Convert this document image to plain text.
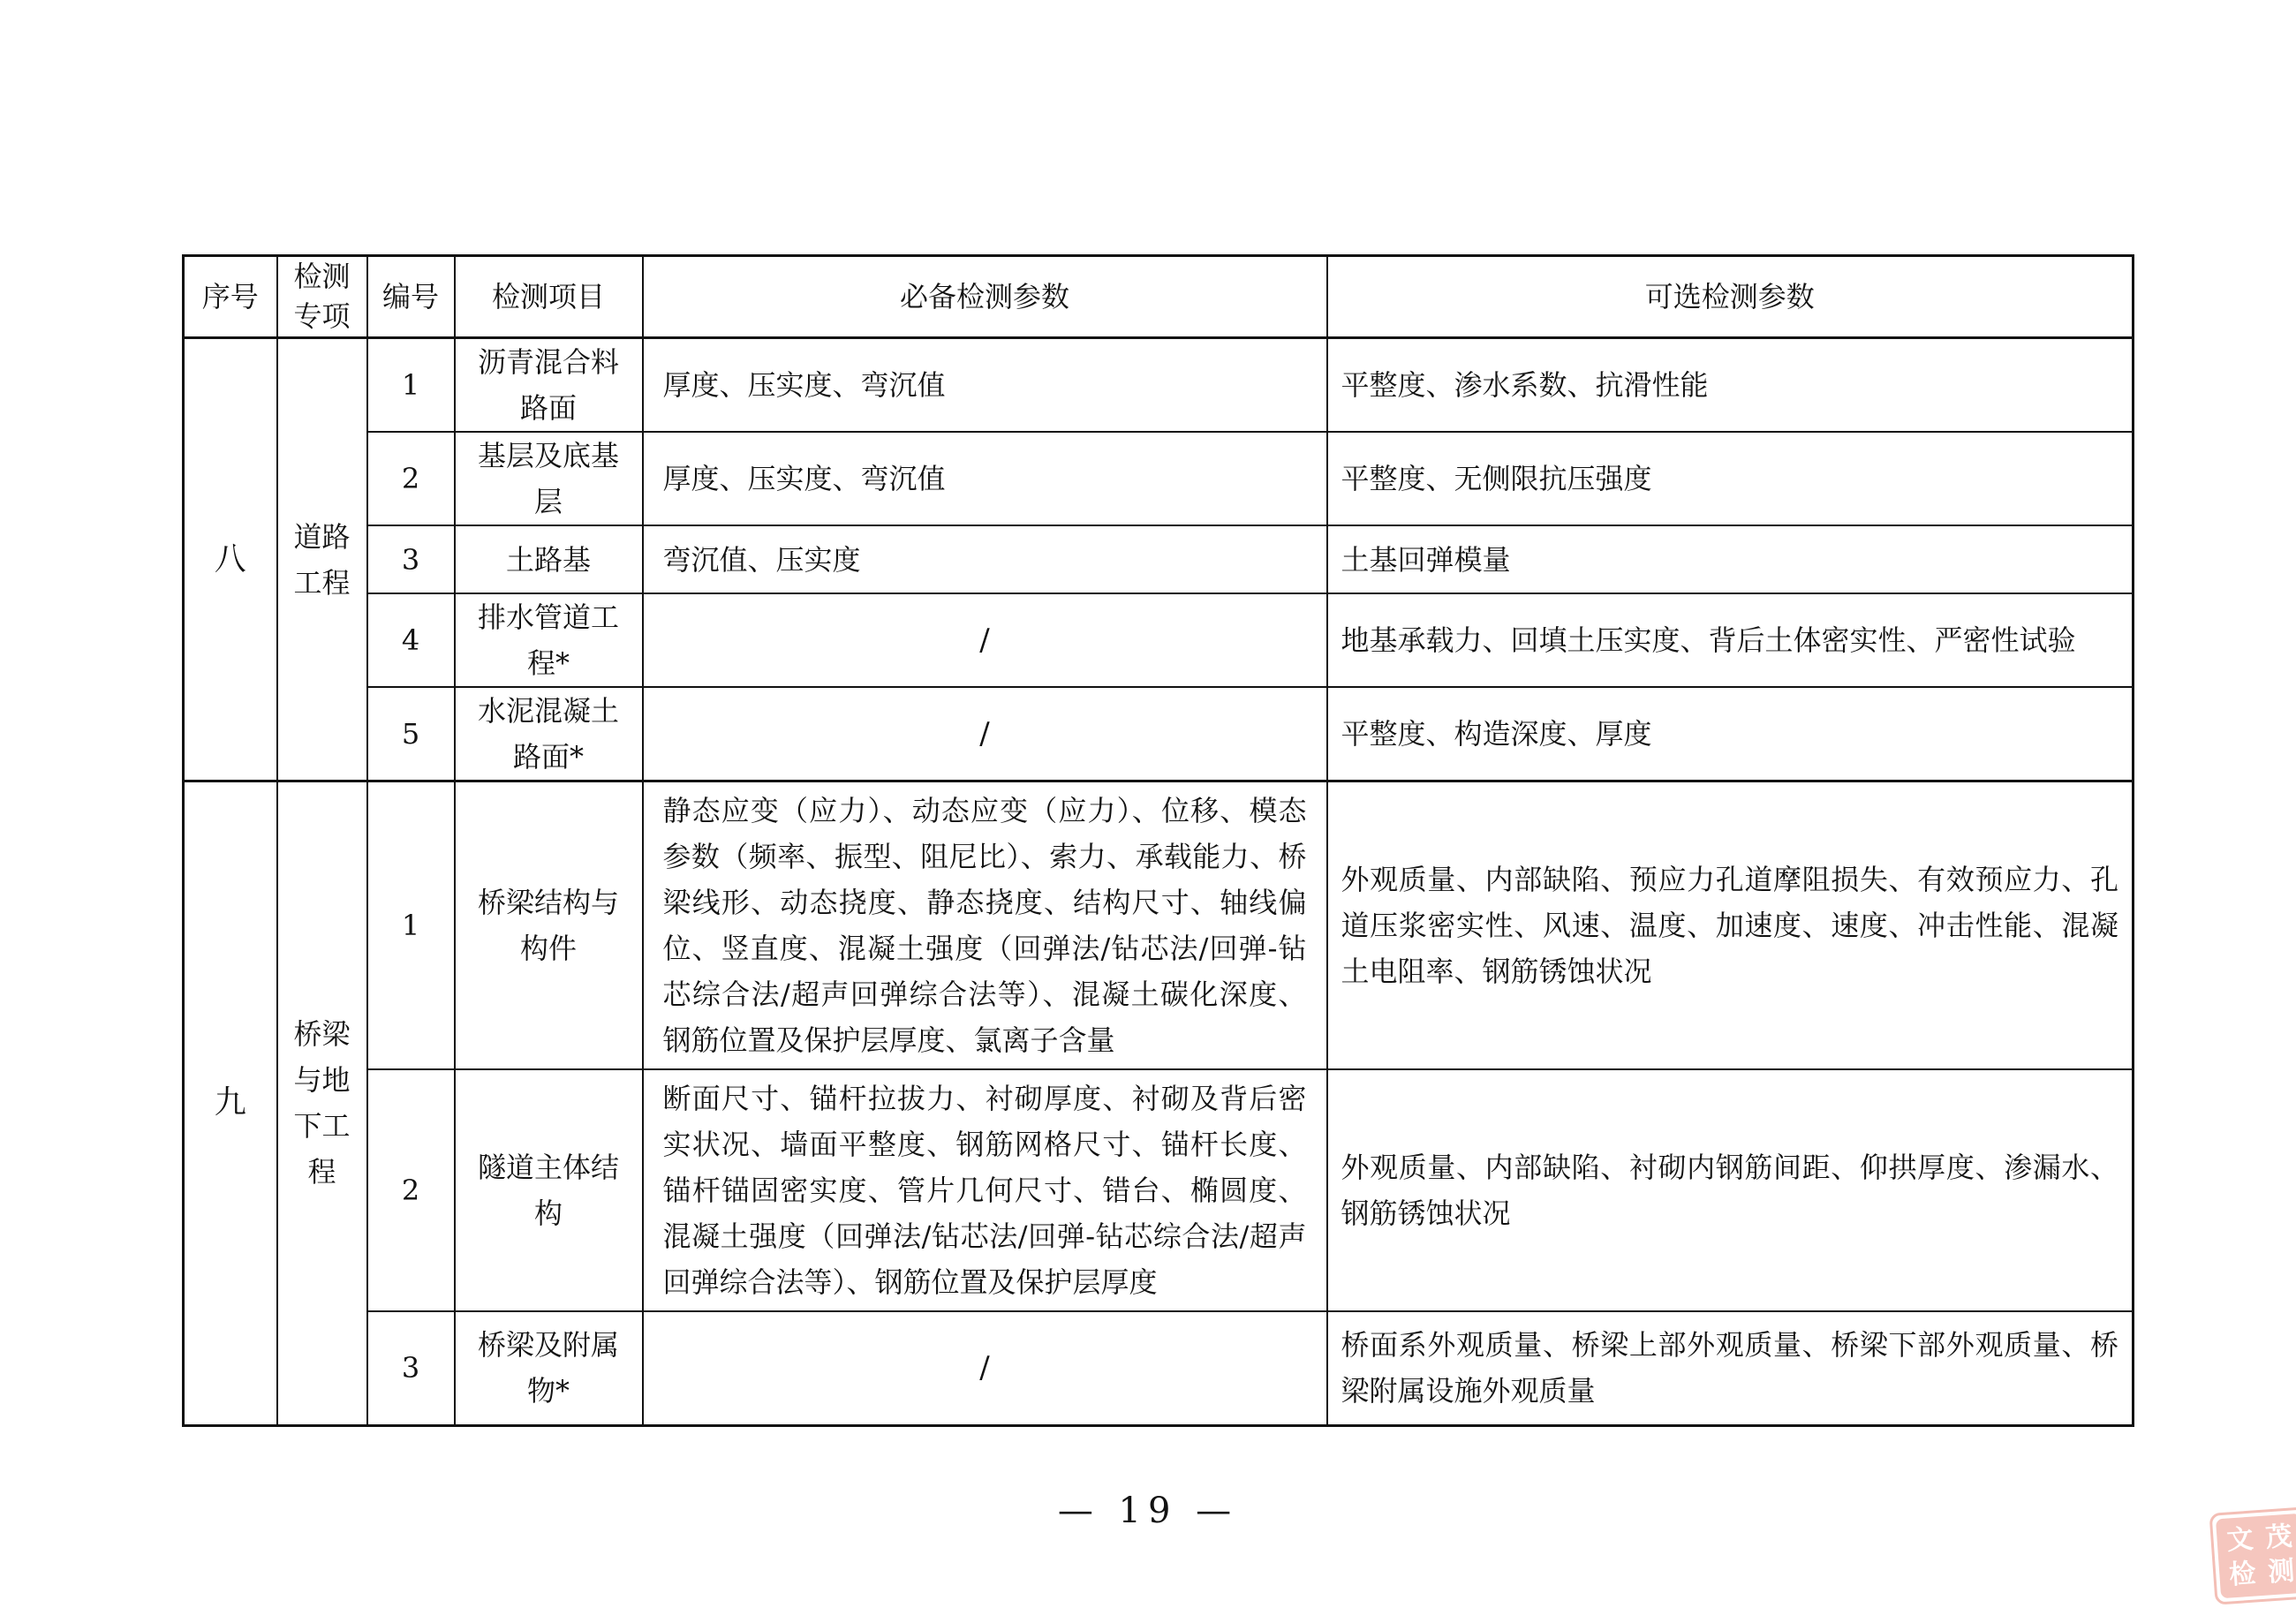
序号	检测专项	编号	检测项目	必备检测参数	可选检测参数
八	道路工程	1	沥青混合料路面	厚度、压实度、弯沉值	平整度、渗水系数、抗滑性能
		2	基层及底基层	厚度、压实度、弯沉值	平整度、无侧限抗压强度
		3	土路基	弯沉值、压实度	土基回弹模量
		4	排水管道工程*	/	地基承载力、回填土压实度、背后土体密实性、严密性试验
		5	水泥混凝土路面*	/	平整度、构造深度、厚度
九	桥梁与地下工程	1	桥梁结构与构件	静态应变（应力）、动态应变（应力）、位移、模态参数（频率、振型、阻尼比）、索力、承载能力、桥梁线形、动态挠度、静态挠度、结构尺寸、轴线偏位、竖直度、混凝土强度（回弹法/钻芯法/回弹-钻芯综合法/超声回弹综合法等）、混凝土碳化深度、钢筋位置及保护层厚度、氯离子含量	外观质量、内部缺陷、预应力孔道摩阻损失、有效预应力、孔道压浆密实性、风速、温度、加速度、速度、冲击性能、混凝土电阻率、钢筋锈蚀状况
		2	隧道主体结构	断面尺寸、锚杆拉拔力、衬砌厚度、衬砌及背后密实状况、墙面平整度、钢筋网格尺寸、锚杆长度、锚杆锚固密实度、管片几何尺寸、错台、椭圆度、混凝土强度（回弹法/钻芯法/回弹-钻芯综合法/超声回弹综合法等）、钢筋位置及保护层厚度	外观质量、内部缺陷、衬砌内钢筋间距、仰拱厚度、渗漏水、钢筋锈蚀状况
		3	桥梁及附属物*	/	桥面系外观质量、桥梁上部外观质量、桥梁下部外观质量、桥梁附属设施外观质量
— 19 —
文 茂
检 测
